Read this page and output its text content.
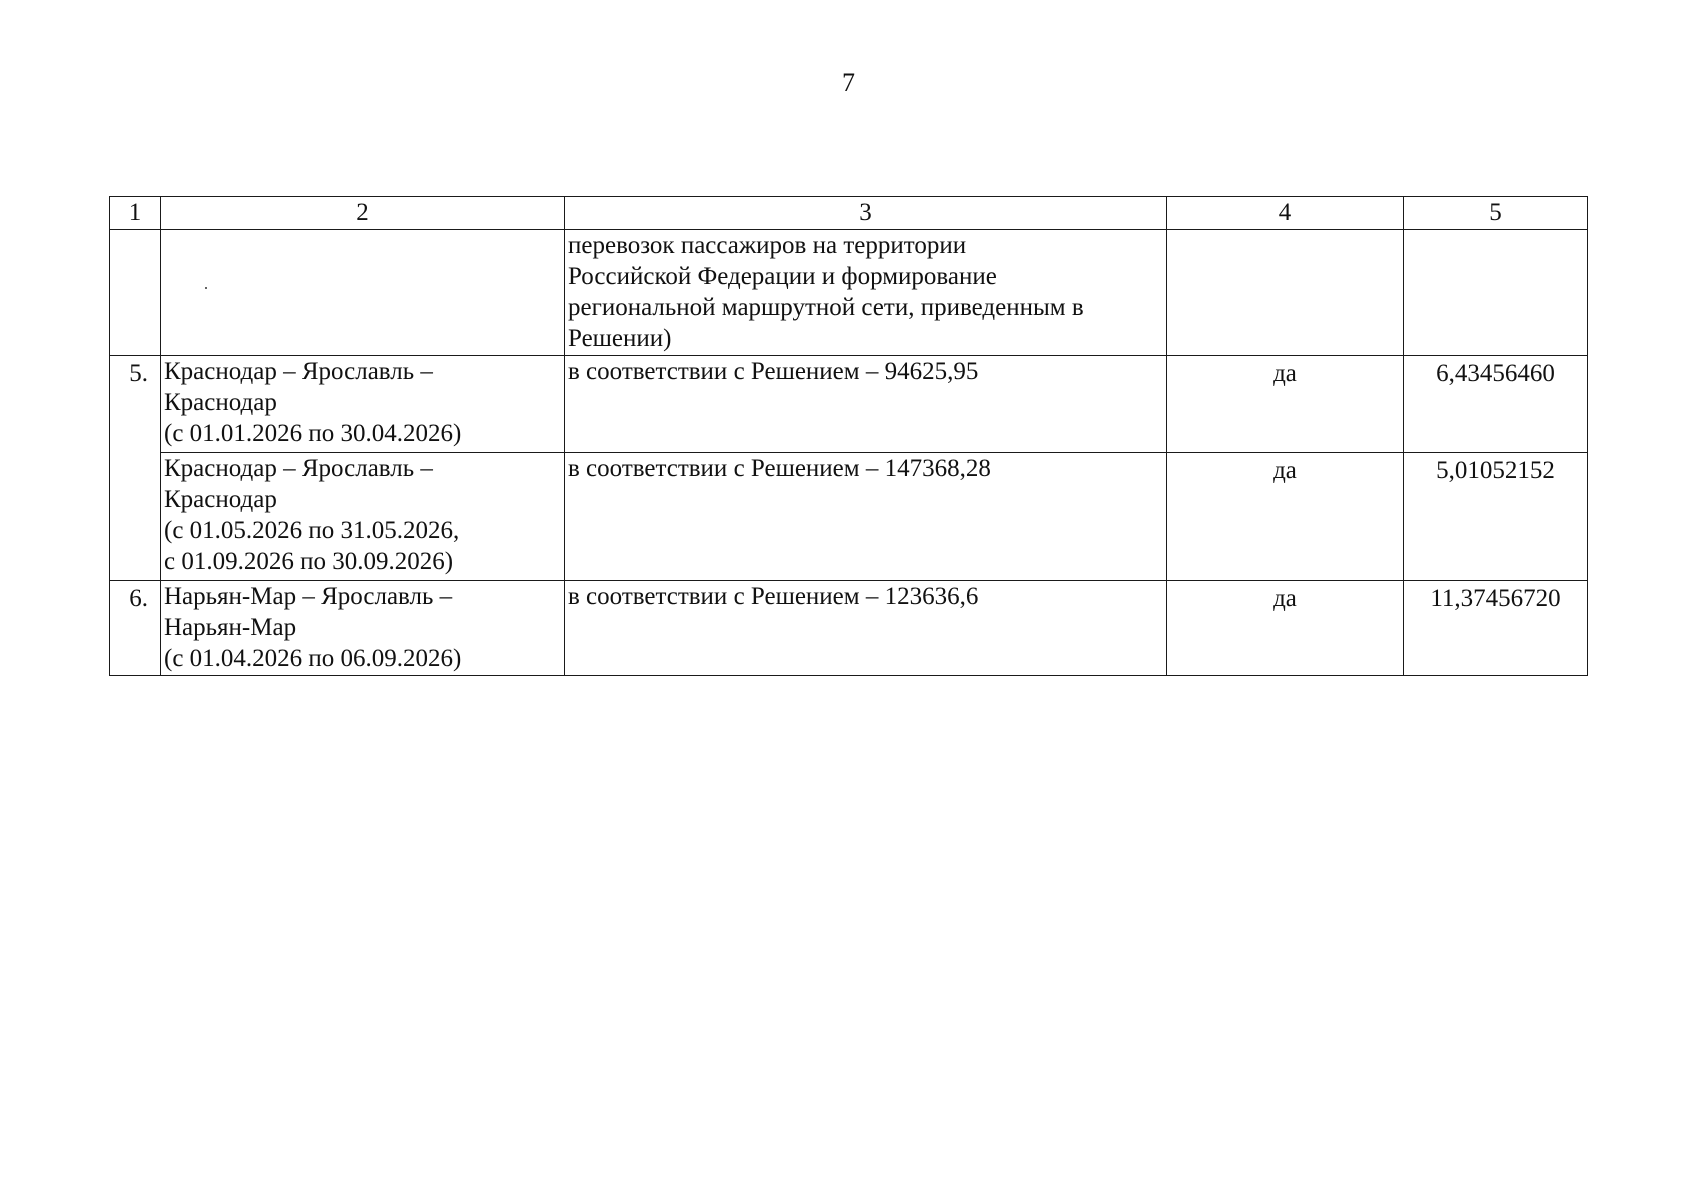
7
1	2	3	4	5

		перевозок пассажиров на территории
Российской Федерации и формирование
региональной маршрутной сети, приведенным в
Решении)		

5.	Краснодар – Ярославль –
Краснодар
(с 01.01.2026 по 30.04.2026)	в соответствии с Решением – 94625,95	да	6,43456460

	Краснодар – Ярославль –
Краснодар
(с 01.05.2026 по 31.05.2026,
с 01.09.2026 по 30.09.2026)	в соответствии с Решением – 147368,28	да	5,01052152
6.	Нарьян-Мар – Ярославль –
Нарьян-Мар
(с 01.04.2026 по 06.09.2026)	в соответствии с Решением – 123636,6	да	11,37456720
